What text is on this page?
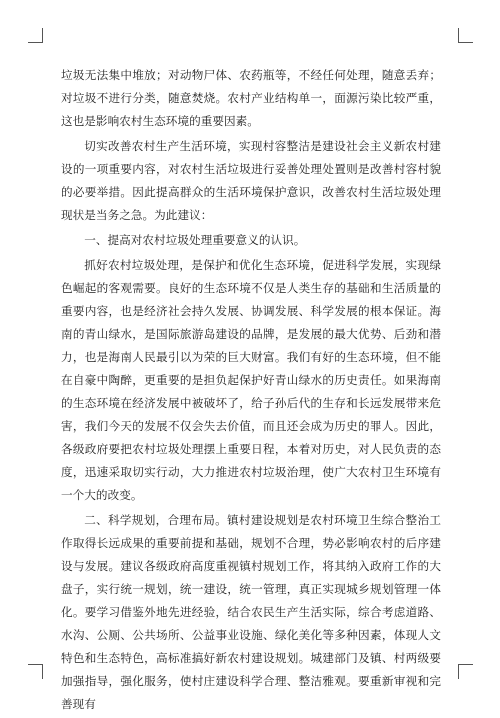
垃圾无法集中堆放；对动物尸体、农药瓶等，不经任何处理，随意丢弃；对垃圾不进行分类，随意焚烧。农村产业结构单一，面源污染比较严重，这也是影响农村生态环境的重要因素。

切实改善农村生产生活环境，实现村容整洁是建设社会主义新农村建设的一项重要内容，对农村生活垃圾进行妥善处理处置则是改善村容村貌的必要举措。因此提高群众的生活环境保护意识，改善农村生活垃圾处理现状是当务之急。为此建议：

一、提高对农村垃圾处理重要意义的认识。

抓好农村垃圾处理，是保护和优化生态环境，促进科学发展，实现绿色崛起的客观需要。良好的生态环境不仅是人类生存的基础和生活质量的重要内容，也是经济社会持久发展、协调发展、科学发展的根本保证。海南的青山绿水，是国际旅游岛建设的品牌，是发展的最大优势、后劲和潜力，也是海南人民最引以为荣的巨大财富。我们有好的生态环境，但不能在自豪中陶醉，更重要的是担负起保护好青山绿水的历史责任。如果海南的生态环境在经济发展中被破坏了，给子孙后代的生存和长远发展带来危害，我们今天的发展不仅会失去价值，而且还会成为历史的罪人。因此，各级政府要把农村垃圾处理摆上重要日程，本着对历史，对人民负责的态度，迅速采取切实行动，大力推进农村垃圾治理，使广大农村卫生环境有一个大的改变。

二、科学规划，合理布局。镇村建设规划是农村环境卫生综合整治工作取得长远成果的重要前提和基础，规划不合理，势必影响农村的后序建设与发展。建议各级政府高度重视镇村规划工作，将其纳入政府工作的大盘子，实行统一规划，统一建设，统一管理，真正实现城乡规划管理一体化。要学习借鉴外地先进经验，结合农民生产生活实际，综合考虑道路、水沟、公厕、公共场所、公益事业设施、绿化美化等多种因素，体现人文特色和生态特色，高标准搞好新农村建设规划。城建部门及镇、村两级要加强指导，强化服务，使村庄建设科学合理、整洁雅观。要重新审视和完善现有
